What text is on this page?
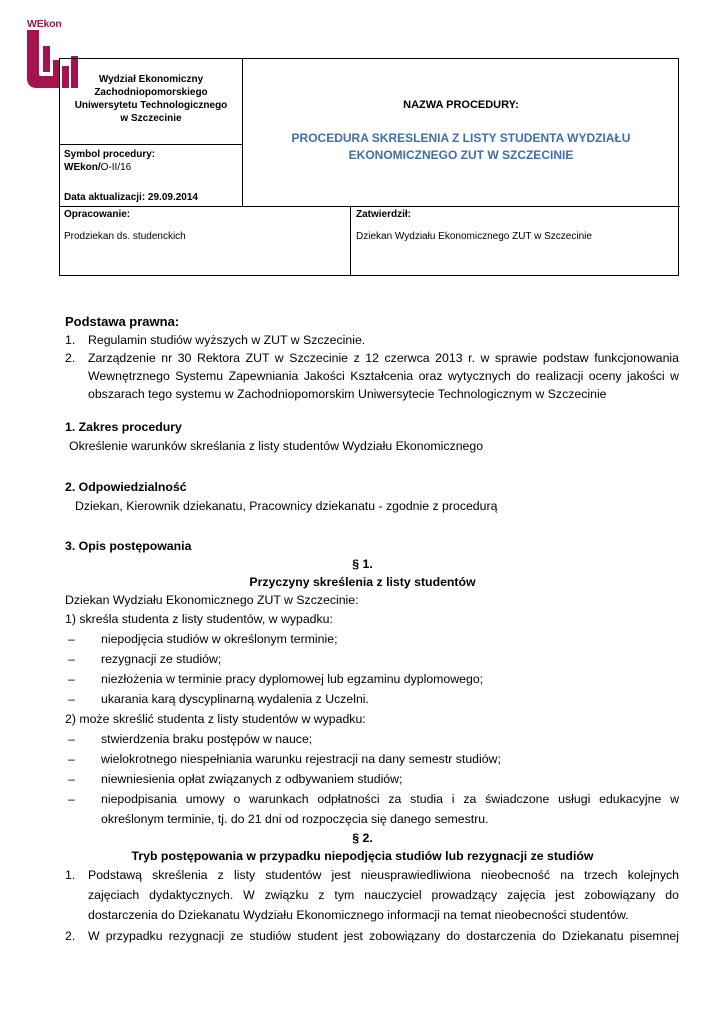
WEkon
Wydział Ekonomiczny
Zachodniopomorskiego
Uniwersytetu Technologicznego
w Szczecinie
Symbol procedury:
WEkon/O-II/16
Data aktualizacji: 29.09.2014
NAZWA PROCEDURY:
PROCEDURA SKRESLENIA Z LISTY STUDENTA WYDZIAŁU
EKONOMICZNEGO ZUT W SZCZECINIE
Opracowanie:
Prodziekan ds. studenckich
Zatwierdził:
Dziekan Wydziału Ekonomicznego ZUT w Szczecinie
Podstawa prawna:
1. Regulamin studiów wyższych w ZUT w Szczecinie.
2. Zarządzenie nr 30 Rektora ZUT w Szczecinie z 12 czerwca 2013 r. w sprawie podstaw funkcjonowania
Wewnętrznego Systemu Zapewniania Jakości Kształcenia oraz wytycznych do realizacji oceny jakości w
obszarach tego systemu w Zachodniopomorskim Uniwersytecie Technologicznym w Szczecinie
1. Zakres procedury
Określenie warunków skreślania z listy studentów Wydziału Ekonomicznego
2. Odpowiedzialność
Dziekan, Kierownik dziekanatu, Pracownicy dziekanatu - zgodnie z procedurą
3. Opis postępowania
§ 1.
Przyczyny skreślenia z listy studentów
Dziekan Wydziału Ekonomicznego ZUT w Szczecinie:
1) skreśla studenta z listy studentów, w wypadku:
– niepodjęcia studiów w określonym terminie;
– rezygnacji ze studiów;
– niezłożenia w terminie pracy dyplomowej lub egzaminu dyplomowego;
– ukarania karą dyscyplinarną wydalenia z Uczelni.
2) może skreślić studenta z listy studentów w wypadku:
– stwierdzenia braku postępów w nauce;
– wielokrotnego niespełniania warunku rejestracji na dany semestr studiów;
– niewniesienia opłat związanych z odbywaniem studiów;
– niepodpisania umowy o warunkach odpłatności za studia i za świadczone usługi edukacyjne w
określonym terminie, tj. do 21 dni od rozpoczęcia się danego semestru.
§ 2.
Tryb postępowania w przypadku niepodjęcia studiów lub rezygnacji ze studiów
1. Podstawą skreślenia z listy studentów jest nieusprawiedliwiona nieobecność na trzech kolejnych
zajęciach dydaktycznych. W związku z tym nauczyciel prowadzący zajęcia jest zobowiązany do
dostarczenia do Dziekanatu Wydziału Ekonomicznego informacji na temat nieobecności studentów.
2. W przypadku rezygnacji ze studiów student jest zobowiązany do dostarczenia do Dziekanatu pisemnej
